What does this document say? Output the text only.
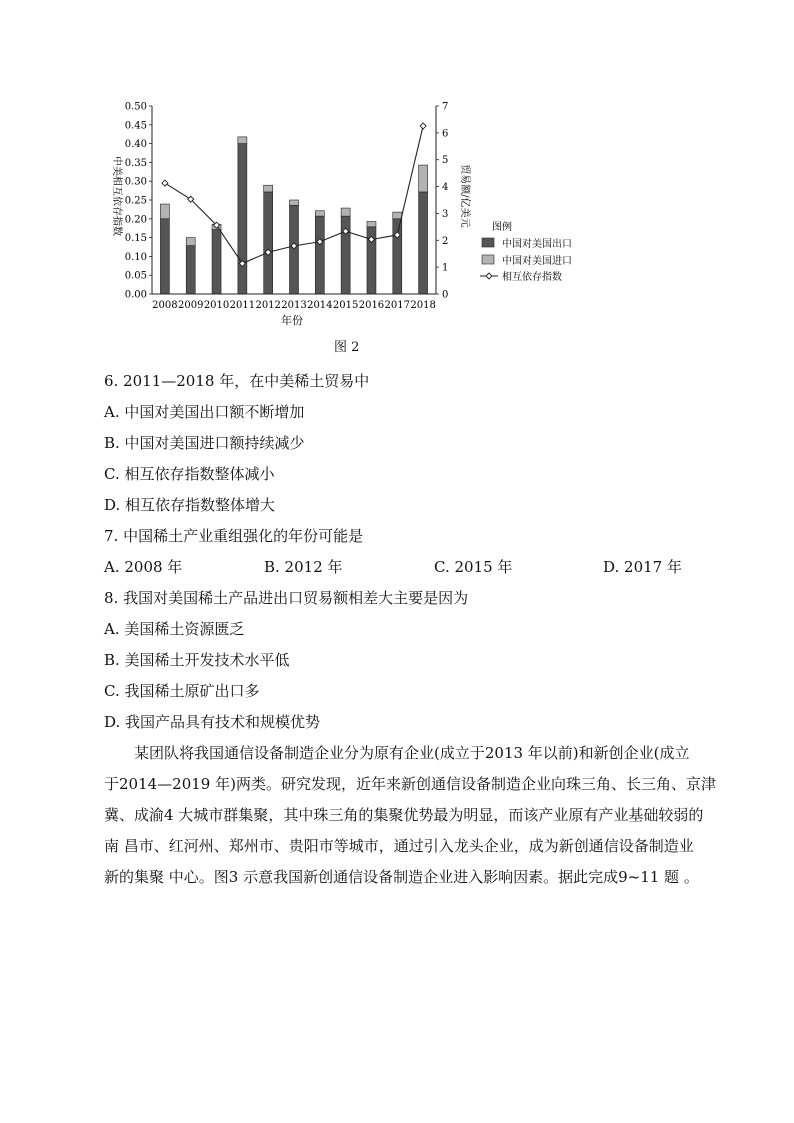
0.00
0.05
0.10
0.15
0.20
0.25
0.30
0.35
0.40
0.45
0.50
0
1
2
3
4
5
6
7
2008 2009 2010 2011 2012 2013 2014 2015 2016 2017 2018
年份
中美相互依存指数	贸易额/亿美元 图例
中国对美国出口
中国对美国进口
相互依存指数
图 2
6. 2011—2018 年，在中美稀土贸易中
A. 中国对美国出口额不断增加
B. 中国对美国进口额持续减少
C. 相互依存指数整体减小
D. 相互依存指数整体增大
7. 中国稀土产业重组强化的年份可能是
A. 2008 年	B. 2012 年	C. 2015 年	D. 2017 年
8. 我国对美国稀土产品进出口贸易额相差大主要是因为
A. 美国稀土资源匮乏
B. 美国稀土开发技术水平低
C. 我国稀土原矿出口多
D. 我国产品具有技术和规模优势

　　某团队将我国通信设备制造企业分为原有企业(成立于2013 年以前)和新创企业(成立

于2014—2019 年)两类。研究发现，近年来新创通信设备制造企业向珠三角、长三角、京津

冀、成渝4 大城市群集聚，其中珠三角的集聚优势最为明显，而该产业原有产业基础较弱的

南 昌市、红河州、郑州市、贵阳市等城市，通过引入龙头企业，成为新创通信设备制造业

新的集聚 中心。图3 示意我国新创通信设备制造企业进入影响因素。据此完成9~11 题 。
